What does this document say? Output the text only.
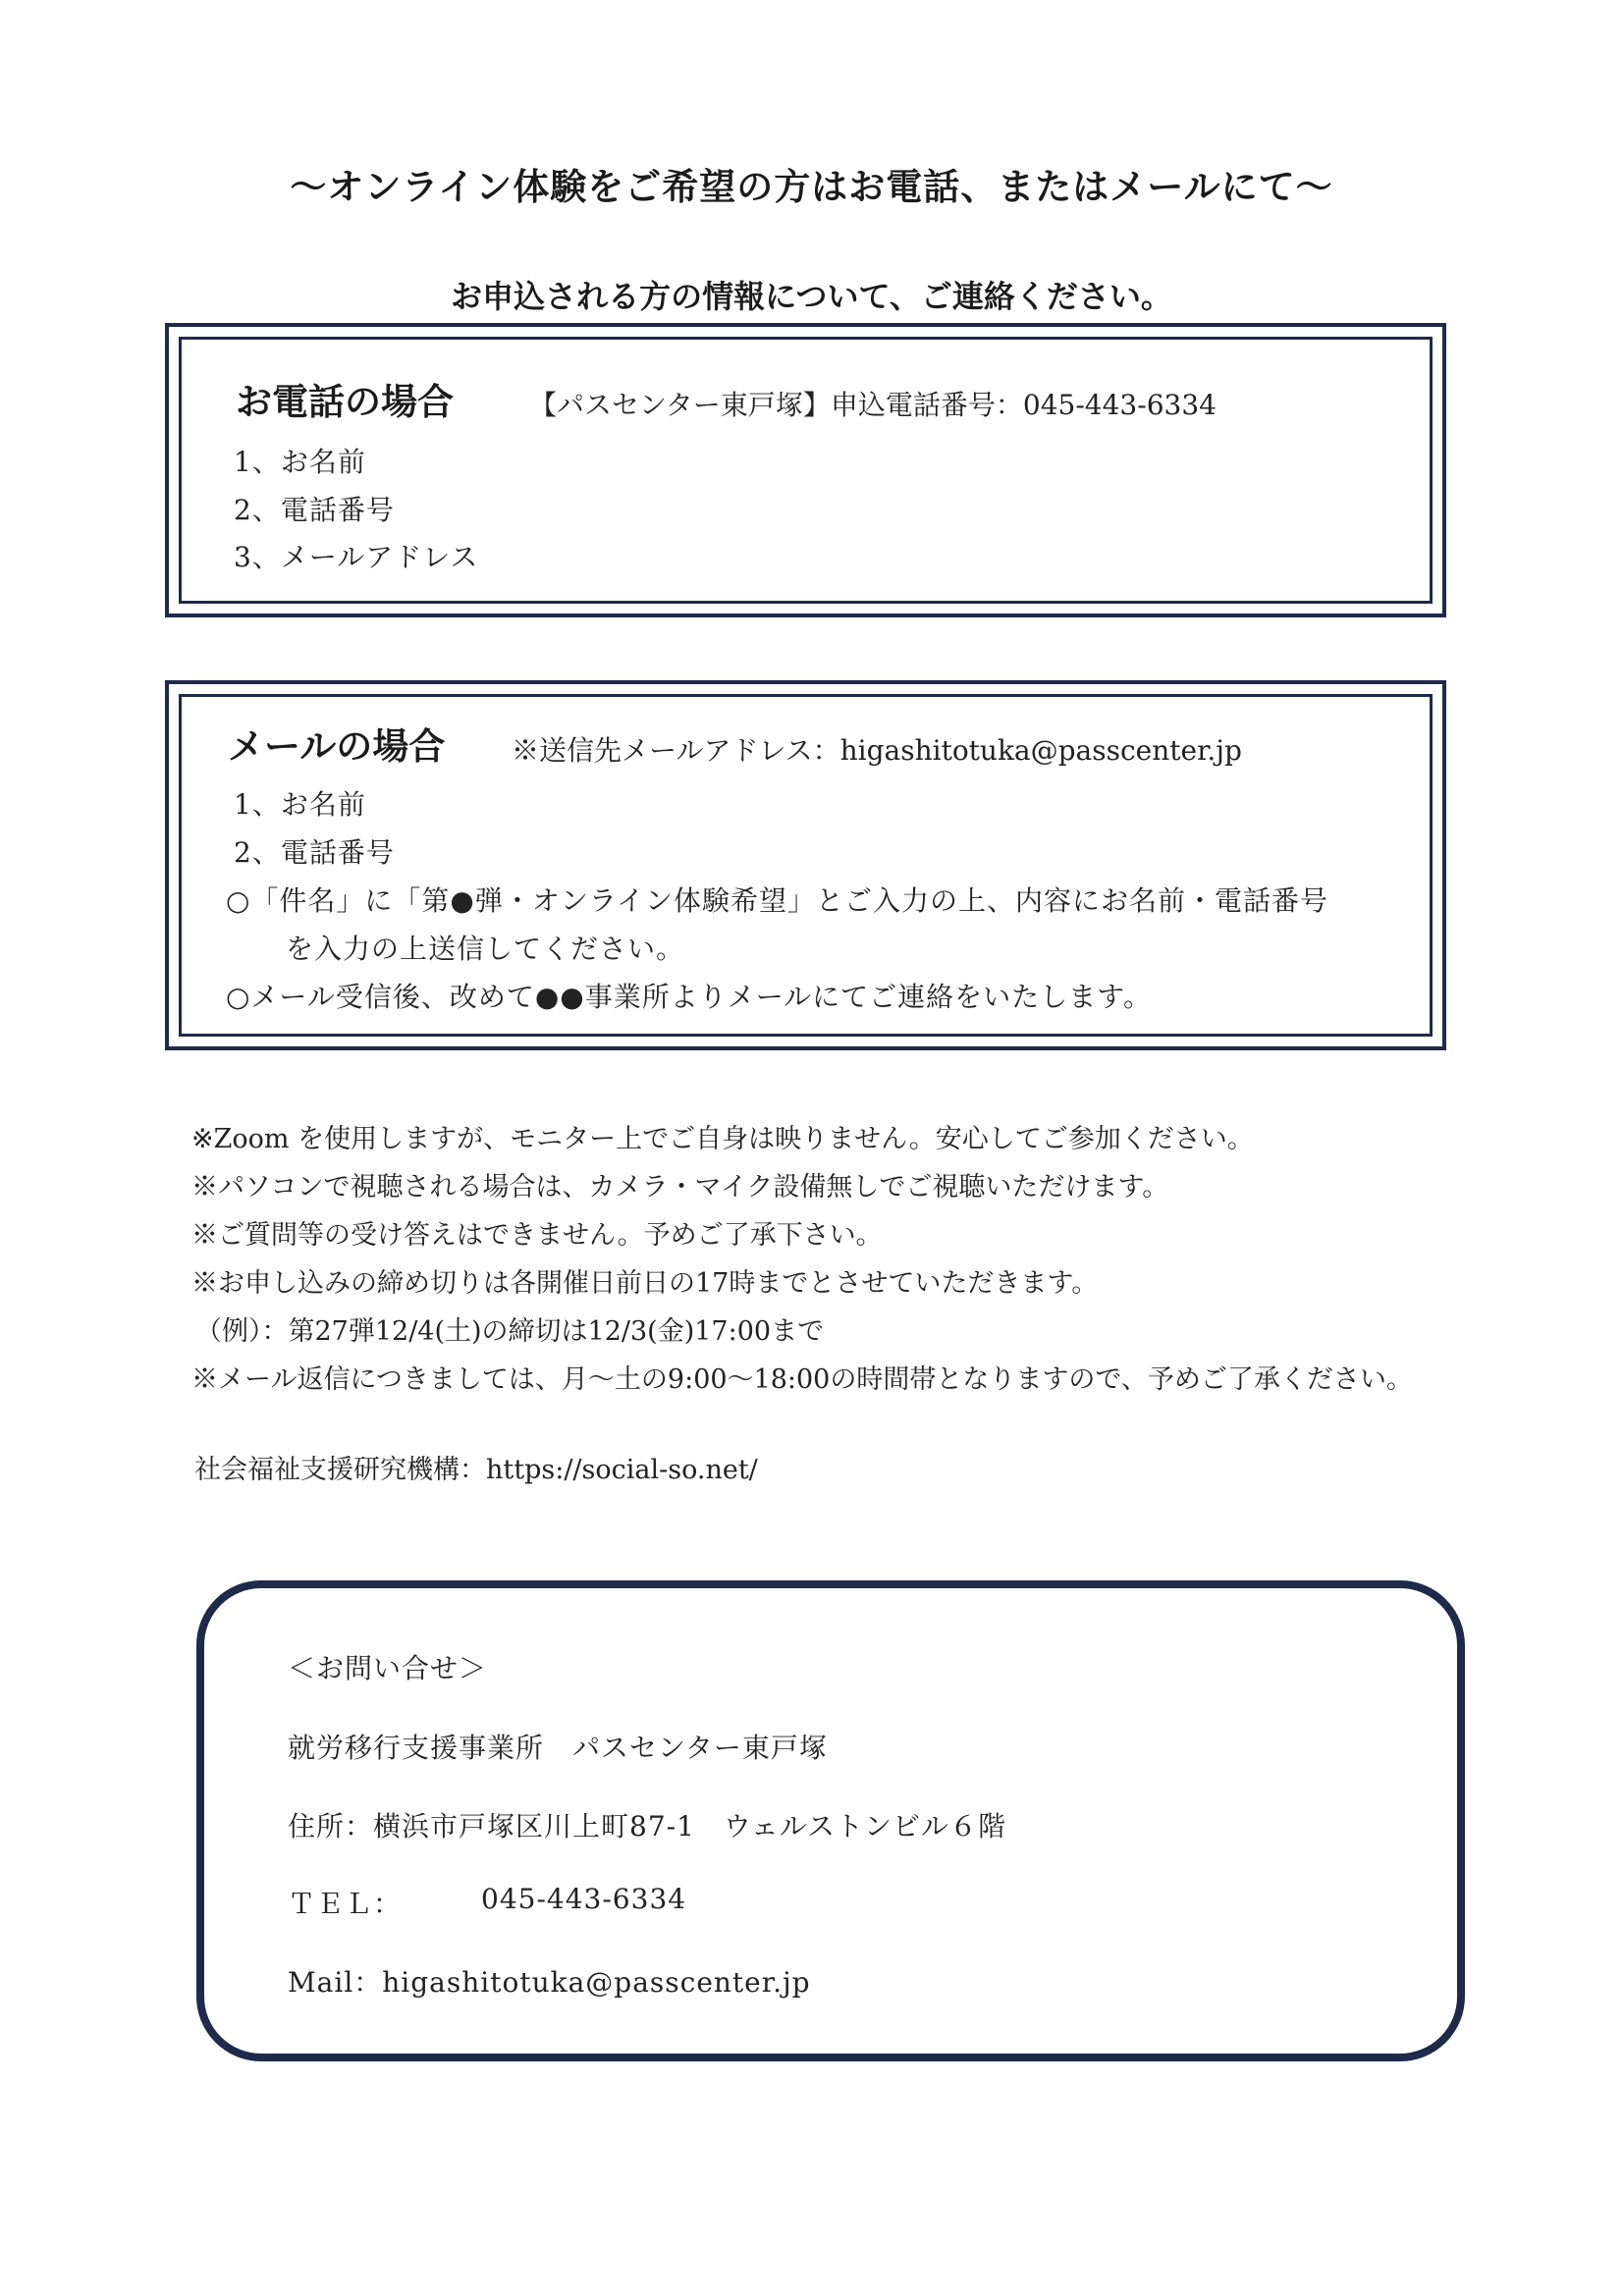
〜オンライン体験をご希望の方はお電話、またはメールにて〜
お申込される方の情報について、ご連絡ください。
お電話の場合	【パスセンター東戸塚】申込電話番号：045-443-6334
1、お名前
2、電話番号
3、メールアドレス
メールの場合 ※送信先メールアドレス：higashitotuka@passcenter.jp
1、お名前
2、電話番号
○「件名」に「第●弾・オンライン体験希望」とご入力の上、内容にお名前・電話番号
を入力の上送信してください。
○メール受信後、改めて●●事業所よりメールにてご連絡をいたします。
※Zoom を使用しますが、モニター上でご自身は映りません。安心してご参加ください。
※パソコンで視聴される場合は、カメラ・マイク設備無しでご視聴いただけます。
※ご質問等の受け答えはできません。予めご了承下さい。
※お申し込みの締め切りは各開催日前日の17時までとさせていただきます。
（例）：第27弾12/4(土)の締切は12/3(金)17:00まで
※メール返信につきましては、月〜土の9:00〜18:00の時間帯となりますので、予めご了承ください。
社会福祉支援研究機構：https://social-so.net/
＜お問い合せ＞
就労移行支援事業所　パスセンター東戸塚
住所：横浜市戸塚区川上町87-1　ウェルストンビル６階
ＴＥＬ：	045-443-6334
Mail：higashitotuka@passcenter.jp
